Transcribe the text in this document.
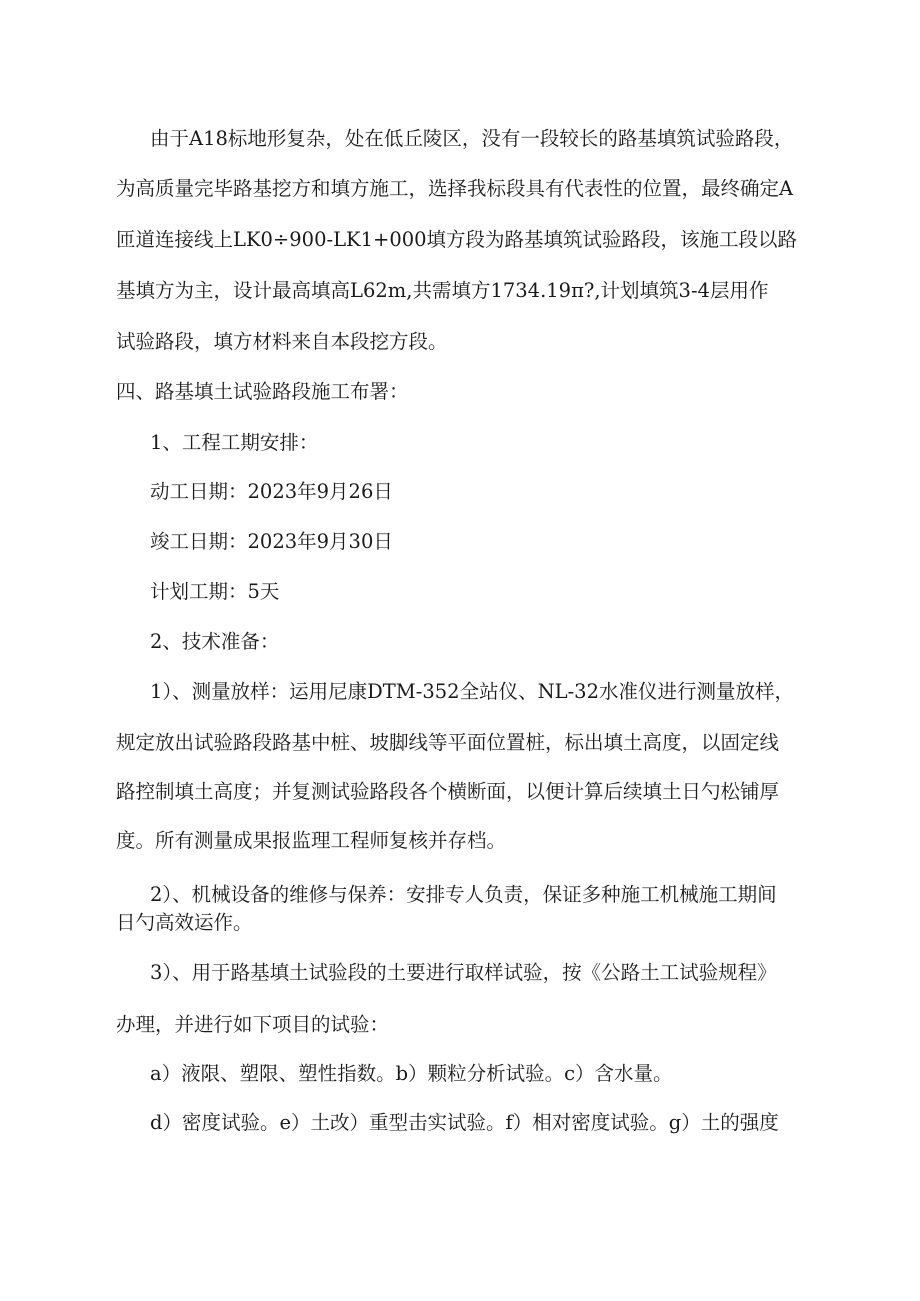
由于A18标地形复杂，处在低丘陵区，没有一段较长的路基填筑试验路段，
为高质量完毕路基挖方和填方施工，选择我标段具有代表性的位置，最终确定A
匝道连接线上LK0÷900-LK1+000填方段为路基填筑试验路段，该施工段以路
基填方为主，设计最高填高L62m,共需填方1734.19π?,计划填筑3-4层用作
试验路段，填方材料来自本段挖方段。
四、路基填土试验路段施工布署：
1、工程工期安排：
动工日期：2023年9月26日
竣工日期：2023年9月30日
计划工期：5天
2、技术准备：
1）、测量放样：运用尼康DTM-352全站仪、NL-32水准仪进行测量放样，
规定放出试验路段路基中桩、坡脚线等平面位置桩，标出填土高度，以固定线
路控制填土高度；并复测试验路段各个横断面，以便计算后续填土日勺松铺厚
度。所有测量成果报监理工程师复核并存档。
2）、机械设备的维修与保养：安排专人负责，保证多种施工机械施工期间
日勺高效运作。
3）、用于路基填土试验段的土要进行取样试验，按《公路土工试验规程》
办理，并进行如下项目的试验：
a）液限、塑限、塑性指数。b）颗粒分析试验。c）含水量。
d）密度试验。e）土改）重型击实试验。f）相对密度试验。g）土的强度
